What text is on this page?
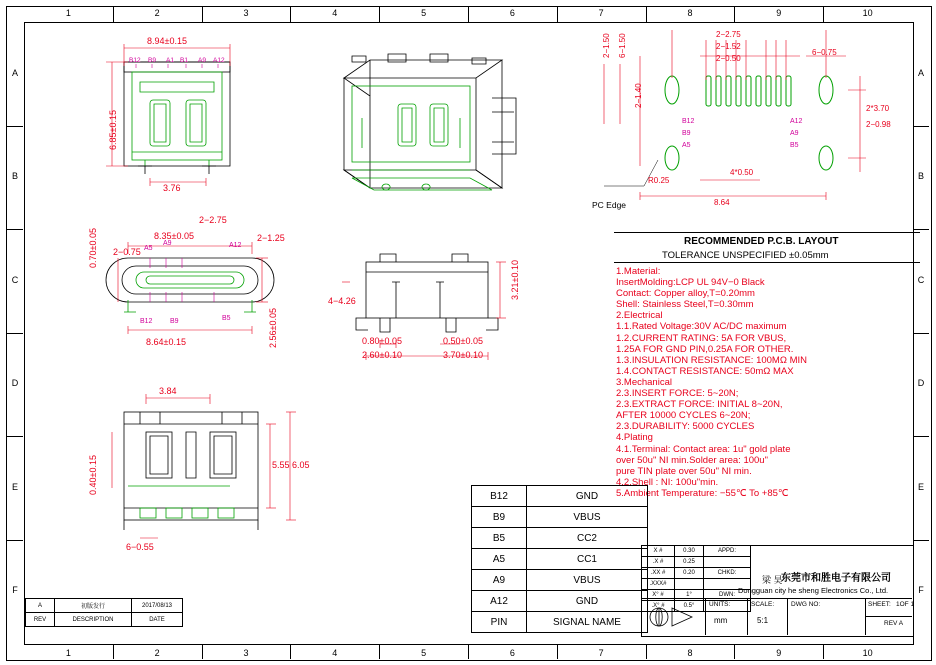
1
1
2
2
3
3
4
4
5
5
6
6
7
7
8
8
9
9
10
10
A	A
B	B
C	C
D	D
E	E
F	F
8.94±0.15
6.85±0.15
3.76
B12 B9 A1 B1 A9 A12
8.35±0.05
2−0.75
2−2.75
2−1.25
0.70±0.05
8.64±0.15	2.56±0.05
A5
A9	A12
B12	B9	B5
3.21±0.10
4−4.26
0.80±0.05
2.60±0.10
0.50±0.05
3.70±0.10
3.84
5.55 6.05
0.40±0.15
6−0.55
2−1.50 6−1.50	2−2.75
2−1.52
2−0.50
2−1.40
6−0.75
2*3.70
2−0.98
R0.25
4*0.50
8.64
PC Edge
B12
B9
A5
A12
A9
B5
RECOMMENDED P.C.B. LAYOUT
TOLERANCE UNSPECIFIED ±0.05mm
1.Material:
InsertMolding:LCP UL 94V−0 Black
Contact: Copper alloy,T=0.20mm
Shell: Stainless Steel,T=0.30mm
2.Electrical
1.1.Rated Voltage:30V AC/DC maximum
1.2.CURRENT RATING: 5A FOR VBUS,
1.25A FOR GND PIN,0.25A FOR OTHER.
1.3.INSULATION RESISTANCE: 100MΩ MIN
1.4.CONTACT RESISTANCE: 50mΩ MAX
3.Mechanical
2.3.INSERT FORCE: 5~20N;
2.3.EXTRACT FORCE: INITIAL 8~20N,
AFTER 10000 CYCLES 6~20N;
2.3.DURABILITY: 5000 CYCLES
4.Plating
4.1.Terminal: Contact area: 1u" gold plate
over 50u" NI min.Solder area: 100u"
pure TIN plate over 50u" NI min.
4.2.Shell : NI: 100u"min.
5.Ambient Temperature: −55℃ To +85℃
B12	GND
B9	VBUS
B5	CC2
A5	CC1
A9	VBUS
A12	GND
PIN	SIGNAL NAME
X #	0.30	APPD:
.X #	0.25	
.XX #	0.20	CHKD:
.XXX#		
X° #	1°	DWN:
.X° #	0.5°	
梁 昊
东莞市和胜电子有限公司
Dongguan city he sheng Electronics Co., Ltd.
UNITS:
mm
SCALE:
5:1
DWG NO:	SHEET: 1OF 1
REV A
A	初版发行	2017/08/13
REV	DESCRIPTION	DATE
